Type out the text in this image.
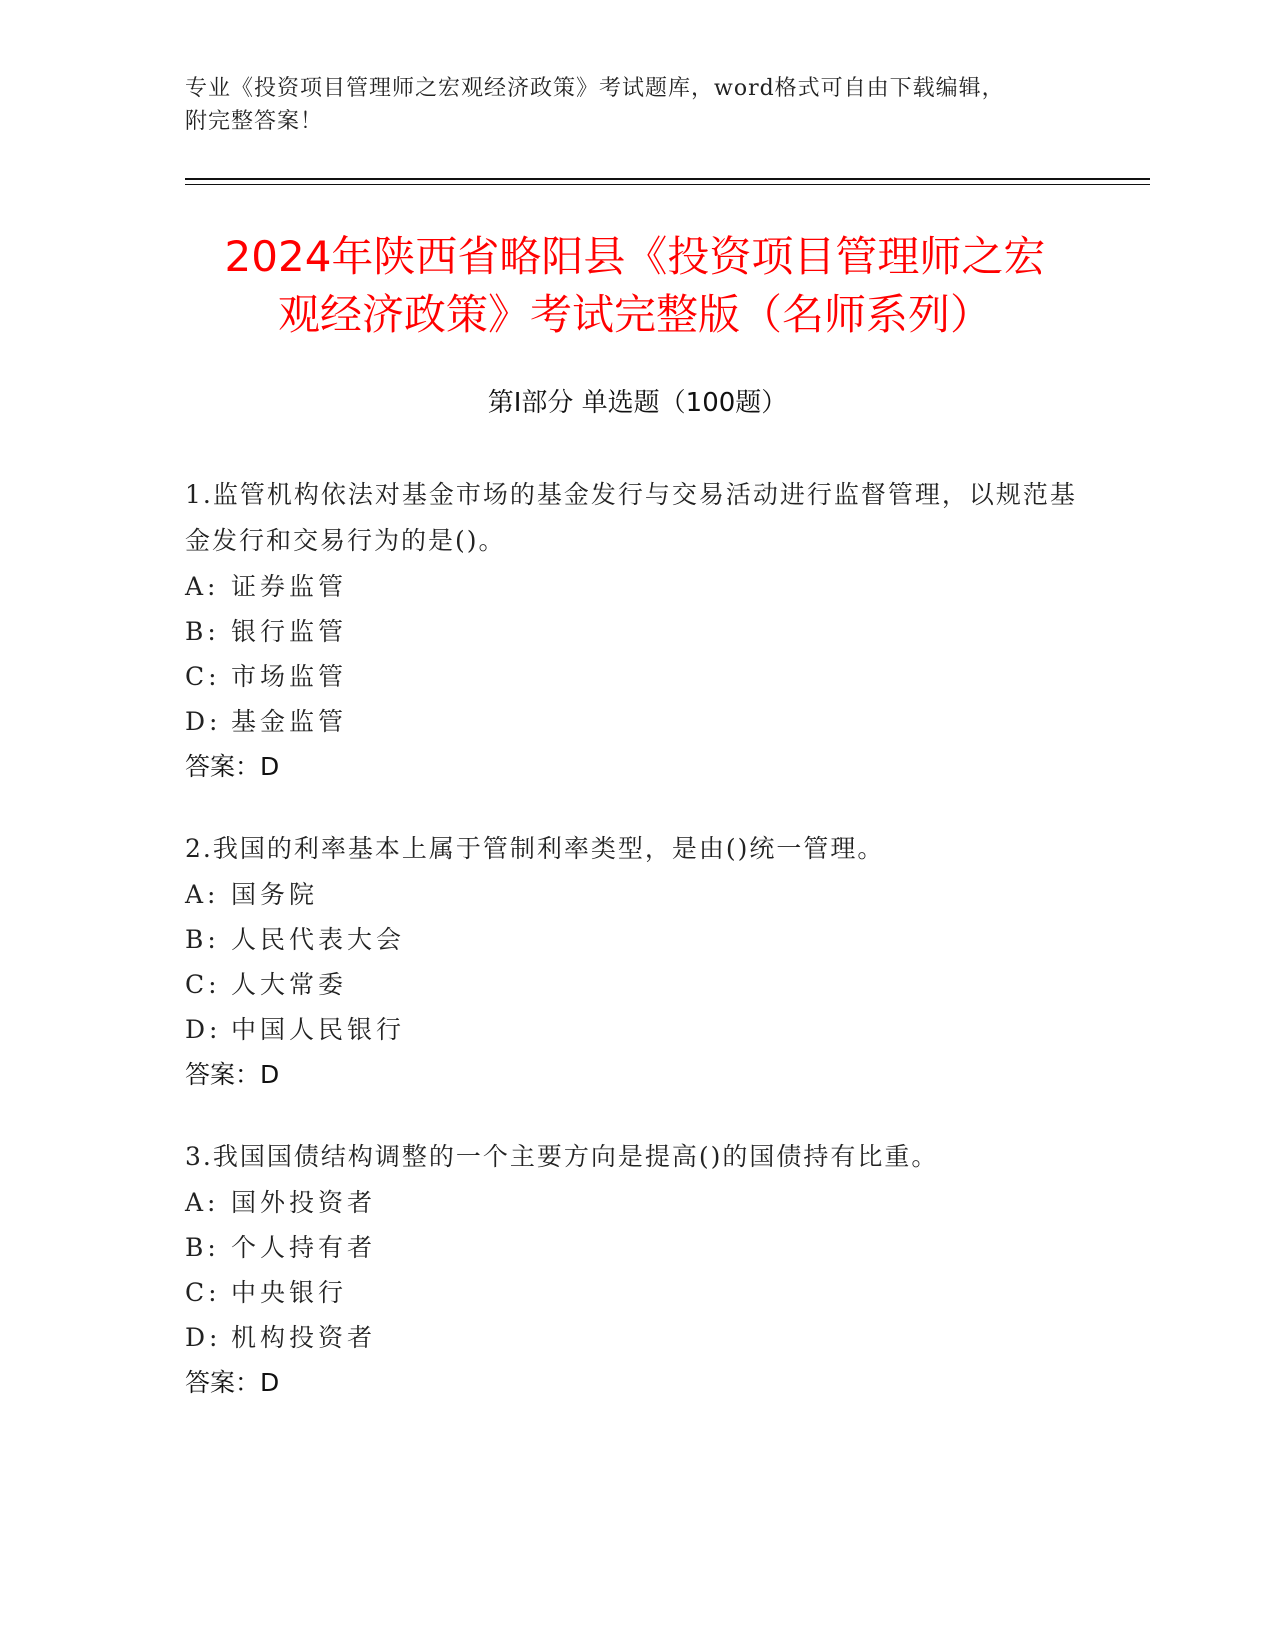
专业《投资项目管理师之宏观经济政策》考试题库，word格式可自由下载编辑，
附完整答案！
2024年陕西省略阳县《投资项目管理师之宏
观经济政策》考试完整版（名师系列）
第Ⅰ部分 单选题（100题）
1.监管机构依法对基金市场的基金发行与交易活动进行监督管理，以规范基金发行和交易行为的是()。
A: 证券监管
B: 银行监管
C: 市场监管
D: 基金监管
答案：D
2.我国的利率基本上属于管制利率类型，是由()统一管理。
A: 国务院
B: 人民代表大会
C: 人大常委
D: 中国人民银行
答案：D
3.我国国债结构调整的一个主要方向是提高()的国债持有比重。
A: 国外投资者
B: 个人持有者
C: 中央银行
D: 机构投资者
答案：D
